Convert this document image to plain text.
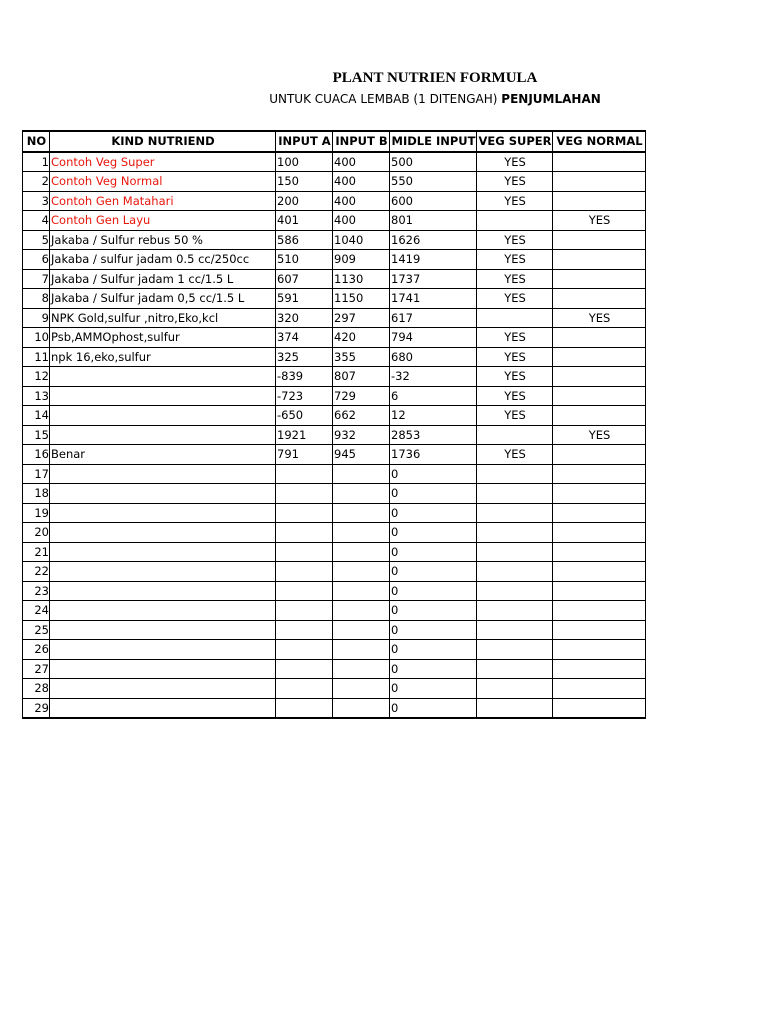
PLANT NUTRIEN FORMULA
UNTUK CUACA LEMBAB (1 DITENGAH) PENJUMLAHAN
NO	KIND NUTRIEND	INPUT A	INPUT B	MIDLE INPUT	VEG SUPER	VEG NORMAL
1	Contoh Veg Super	100	400	500	YES	
2	Contoh Veg Normal	150	400	550	YES	
3	Contoh Gen Matahari	200	400	600	YES	
4	Contoh Gen Layu	401	400	801		YES
5	Jakaba / Sulfur rebus 50 %	586	1040	1626	YES	
6	Jakaba / sulfur jadam 0.5 cc/250cc	510	909	1419	YES	
7	Jakaba / Sulfur jadam 1 cc/1.5 L	607	1130	1737	YES	
8	Jakaba / Sulfur jadam 0,5 cc/1.5 L	591	1150	1741	YES	
9	NPK Gold,sulfur ,nitro,Eko,kcl	320	297	617		YES
10	Psb,AMMOphost,sulfur	374	420	794	YES	
11	npk 16,eko,sulfur	325	355	680	YES	
12		-839	807	-32	YES	
13		-723	729	6	YES	
14		-650	662	12	YES	
15		1921	932	2853		YES
16	Benar	791	945	1736	YES	
17				0		
18				0		
19				0		
20				0		
21				0		
22				0		
23				0		
24				0		
25				0		
26				0		
27				0		
28				0		
29				0		
